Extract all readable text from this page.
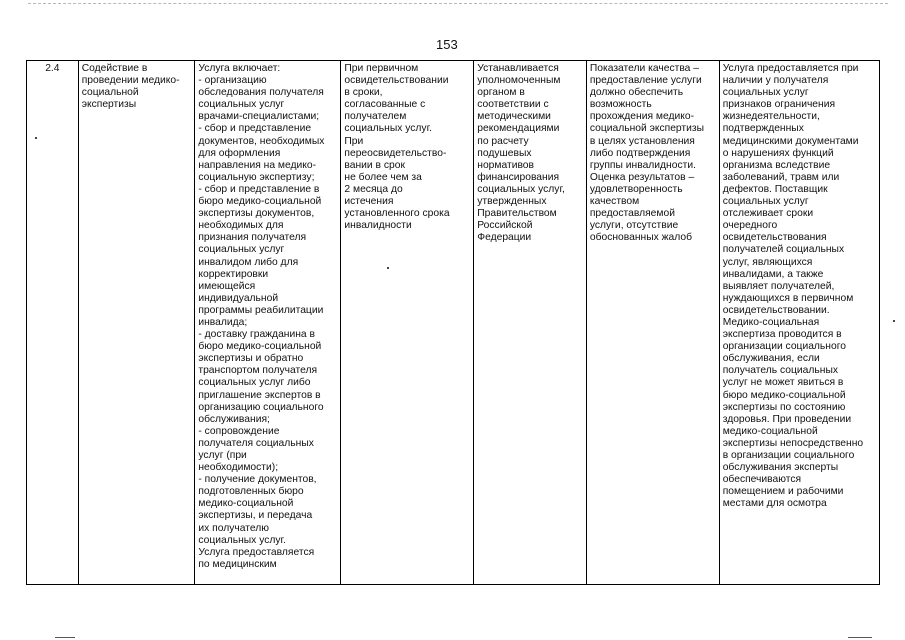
153
2.4	Содействие в
проведении медико-
социальной
экспертизы	Услуга включает:
- организацию
обследования получателя
социальных услуг
врачами-специалистами;
- сбор и представление
документов, необходимых
для оформления
направления на медико-
социальную экспертизу;
- сбор и представление в
бюро медико-социальной
экспертизы документов,
необходимых для
признания получателя
социальных услуг
инвалидом либо для
корректировки
имеющейся
индивидуальной
программы реабилитации
инвалида;
- доставку гражданина в
бюро медико-социальной
экспертизы и обратно
транспортом получателя
социальных услуг либо
приглашение экспертов в
организацию социального
обслуживания;
- сопровождение
получателя социальных
услуг (при
необходимости);
- получение документов,
подготовленных бюро
медико-социальной
экспертизы, и передача
их получателю
социальных услуг.
Услуга предоставляется
по медицинским	При первичном
освидетельствовании
в сроки,
согласованные с
получателем
социальных услуг.
При
переосвидетельство-
вании в срок
не более чем за
2 месяца до
истечения
установленного срока
инвалидности	Устанавливается
уполномоченным
органом в
соответствии с
методическими
рекомендациями
по расчету
подушевых
нормативов
финансирования
социальных услуг,
утвержденных
Правительством
Российской
Федерации	Показатели качества –
предоставление услуги
должно обеспечить
возможность
прохождения медико-
социальной экспертизы
в целях установления
либо подтверждения
группы инвалидности.
Оценка результатов –
удовлетворенность
качеством
предоставляемой
услуги, отсутствие
обоснованных жалоб	Услуга предоставляется при
наличии у получателя
социальных услуг
признаков ограничения
жизнедеятельности,
подтвержденных
медицинскими документами
о нарушениях функций
организма вследствие
заболеваний, травм или
дефектов. Поставщик
социальных услуг
отслеживает сроки
очередного
освидетельствования
получателей социальных
услуг, являющихся
инвалидами, а также
выявляет получателей,
нуждающихся в первичном
освидетельствовании.
Медико-социальная
экспертиза проводится в
организации социального
обслуживания, если
получатель социальных
услуг не может явиться в
бюро медико-социальной
экспертизы по состоянию
здоровья. При проведении
медико-социальной
экспертизы непосредственно
в организации социального
обслуживания эксперты
обеспечиваются
помещением и рабочими
местами для осмотра
